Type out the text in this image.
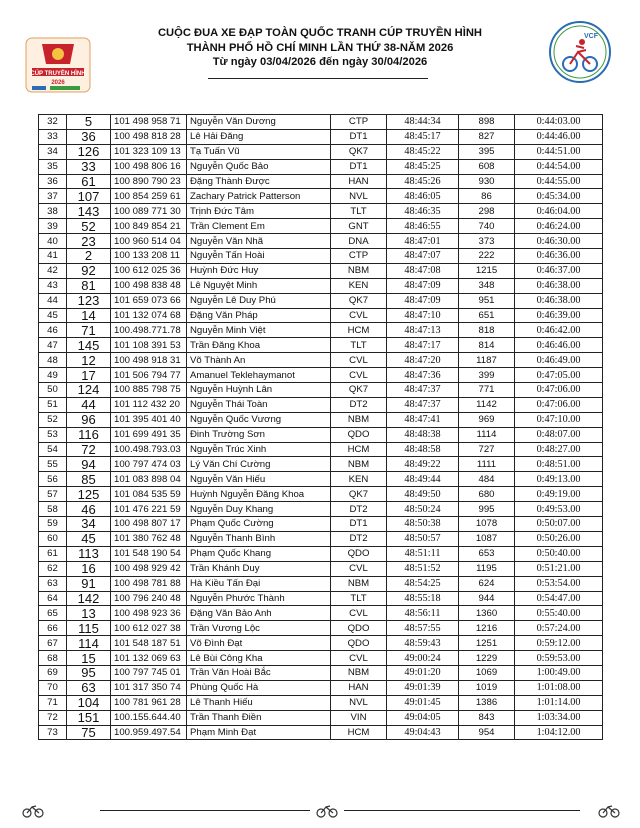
CÚP TRUYỀN HÌNH
2026
CUỘC ĐUA XE ĐẠP TOÀN QUỐC TRANH CÚP TRUYỀN HÌNH
THÀNH PHỐ HỒ CHÍ MINH LẦN THỨ 38-NĂM 2026
Từ ngày 03/04/2026 đến ngày 30/04/2026
VCF
32	5	101 498 958 71	Nguyễn Văn Dương	CTP	48:44:34	898	0:44:03.00
33	36	100 498 818 28	Lê Hải Đăng	DT1	48:45:17	827	0:44:46.00
34	126	101 323 109 13	Tạ Tuấn Vũ	QK7	48:45:22	395	0:44:51.00
35	33	100 498 806 16	Nguyễn Quốc Bảo	DT1	48:45:25	608	0:44:54.00
36	61	100 890 790 23	Đặng Thành Được	HAN	48:45:26	930	0:44:55.00
37	107	100 854 259 61	Zachary Patrick Patterson	NVL	48:46:05	86	0:45:34.00
38	143	100 089 771 30	Trịnh Đức Tâm	TLT	48:46:35	298	0:46:04.00
39	52	100 849 854 21	Trần Clement Em	GNT	48:46:55	740	0:46:24.00
40	23	100 960 514 04	Nguyễn Văn Nhã	DNA	48:47:01	373	0:46:30.00
41	2	100 133 208 11	Nguyễn Tấn Hoài	CTP	48:47:07	222	0:46:36.00
42	92	100 612 025 36	Huỳnh Đức Huy	NBM	48:47:08	1215	0:46:37.00
43	81	100 498 838 48	Lê Nguyệt Minh	KEN	48:47:09	348	0:46:38.00
44	123	101 659 073 66	Nguyễn Lê Duy Phú	QK7	48:47:09	951	0:46:38.00
45	14	101 132 074 68	Đặng Văn Pháp	CVL	48:47:10	651	0:46:39.00
46	71	100.498.771.78	Nguyễn Minh Việt	HCM	48:47:13	818	0:46:42.00
47	145	101 108 391 53	Trần Đăng Khoa	TLT	48:47:17	814	0:46:46.00
48	12	100 498 918 31	Võ Thành An	CVL	48:47:20	1187	0:46:49.00
49	17	101 506 794 77	Amanuel Teklehaymanot	CVL	48:47:36	399	0:47:05.00
50	124	100 885 798 75	Nguyễn Huỳnh Lân	QK7	48:47:37	771	0:47:06.00
51	44	101 112 432 20	Nguyễn Thái Toàn	DT2	48:47:37	1142	0:47:06.00
52	96	101 395 401 40	Nguyễn Quốc Vương	NBM	48:47:41	969	0:47:10.00
53	116	101 699 491 35	Đinh Trường Sơn	QDO	48:48:38	1114	0:48:07.00
54	72	100.498.793.03	Nguyễn Trúc Xinh	HCM	48:48:58	727	0:48:27.00
55	94	100 797 474 03	Lý Văn Chí Cường	NBM	48:49:22	1111	0:48:51.00
56	85	101 083 898 04	Nguyễn Văn Hiếu	KEN	48:49:44	484	0:49:13.00
57	125	101 084 535 59	Huỳnh Nguyễn Đăng Khoa	QK7	48:49:50	680	0:49:19.00
58	46	101 476 221 59	Nguyễn Duy Khang	DT2	48:50:24	995	0:49:53.00
59	34	100 498 807 17	Phạm Quốc Cường	DT1	48:50:38	1078	0:50:07.00
60	45	101 380 762 48	Nguyễn Thanh Bình	DT2	48:50:57	1087	0:50:26.00
61	113	101 548 190 54	Phạm Quốc Khang	QDO	48:51:11	653	0:50:40.00
62	16	100 498 929 42	Trần Khánh Duy	CVL	48:51:52	1195	0:51:21.00
63	91	100 498 781 88	Hà Kiều Tấn Đại	NBM	48:54:25	624	0:53:54.00
64	142	100 796 240 48	Nguyễn Phước Thành	TLT	48:55:18	944	0:54:47.00
65	13	100 498 923 36	Đặng Văn Bảo Anh	CVL	48:56:11	1360	0:55:40.00
66	115	100 612 027 38	Trần Vương Lộc	QDO	48:57:55	1216	0:57:24.00
67	114	101 548 187 51	Võ Đình Đạt	QDO	48:59:43	1251	0:59:12.00
68	15	101 132 069 63	Lê Bùi Công Kha	CVL	49:00:24	1229	0:59:53.00
69	95	100 797 745 01	Trần Văn Hoài Bắc	NBM	49:01:20	1069	1:00:49.00
70	63	101 317 350 74	Phùng Quốc Hà	HAN	49:01:39	1019	1:01:08.00
71	104	100 781 961 28	Lê Thanh Hiếu	NVL	49:01:45	1386	1:01:14.00
72	151	100.155.644.40	Trần Thanh Điền	VIN	49:04:05	843	1:03:34.00
73	75	100.959.497.54	Phạm Minh Đạt	HCM	49:04:43	954	1:04:12.00
